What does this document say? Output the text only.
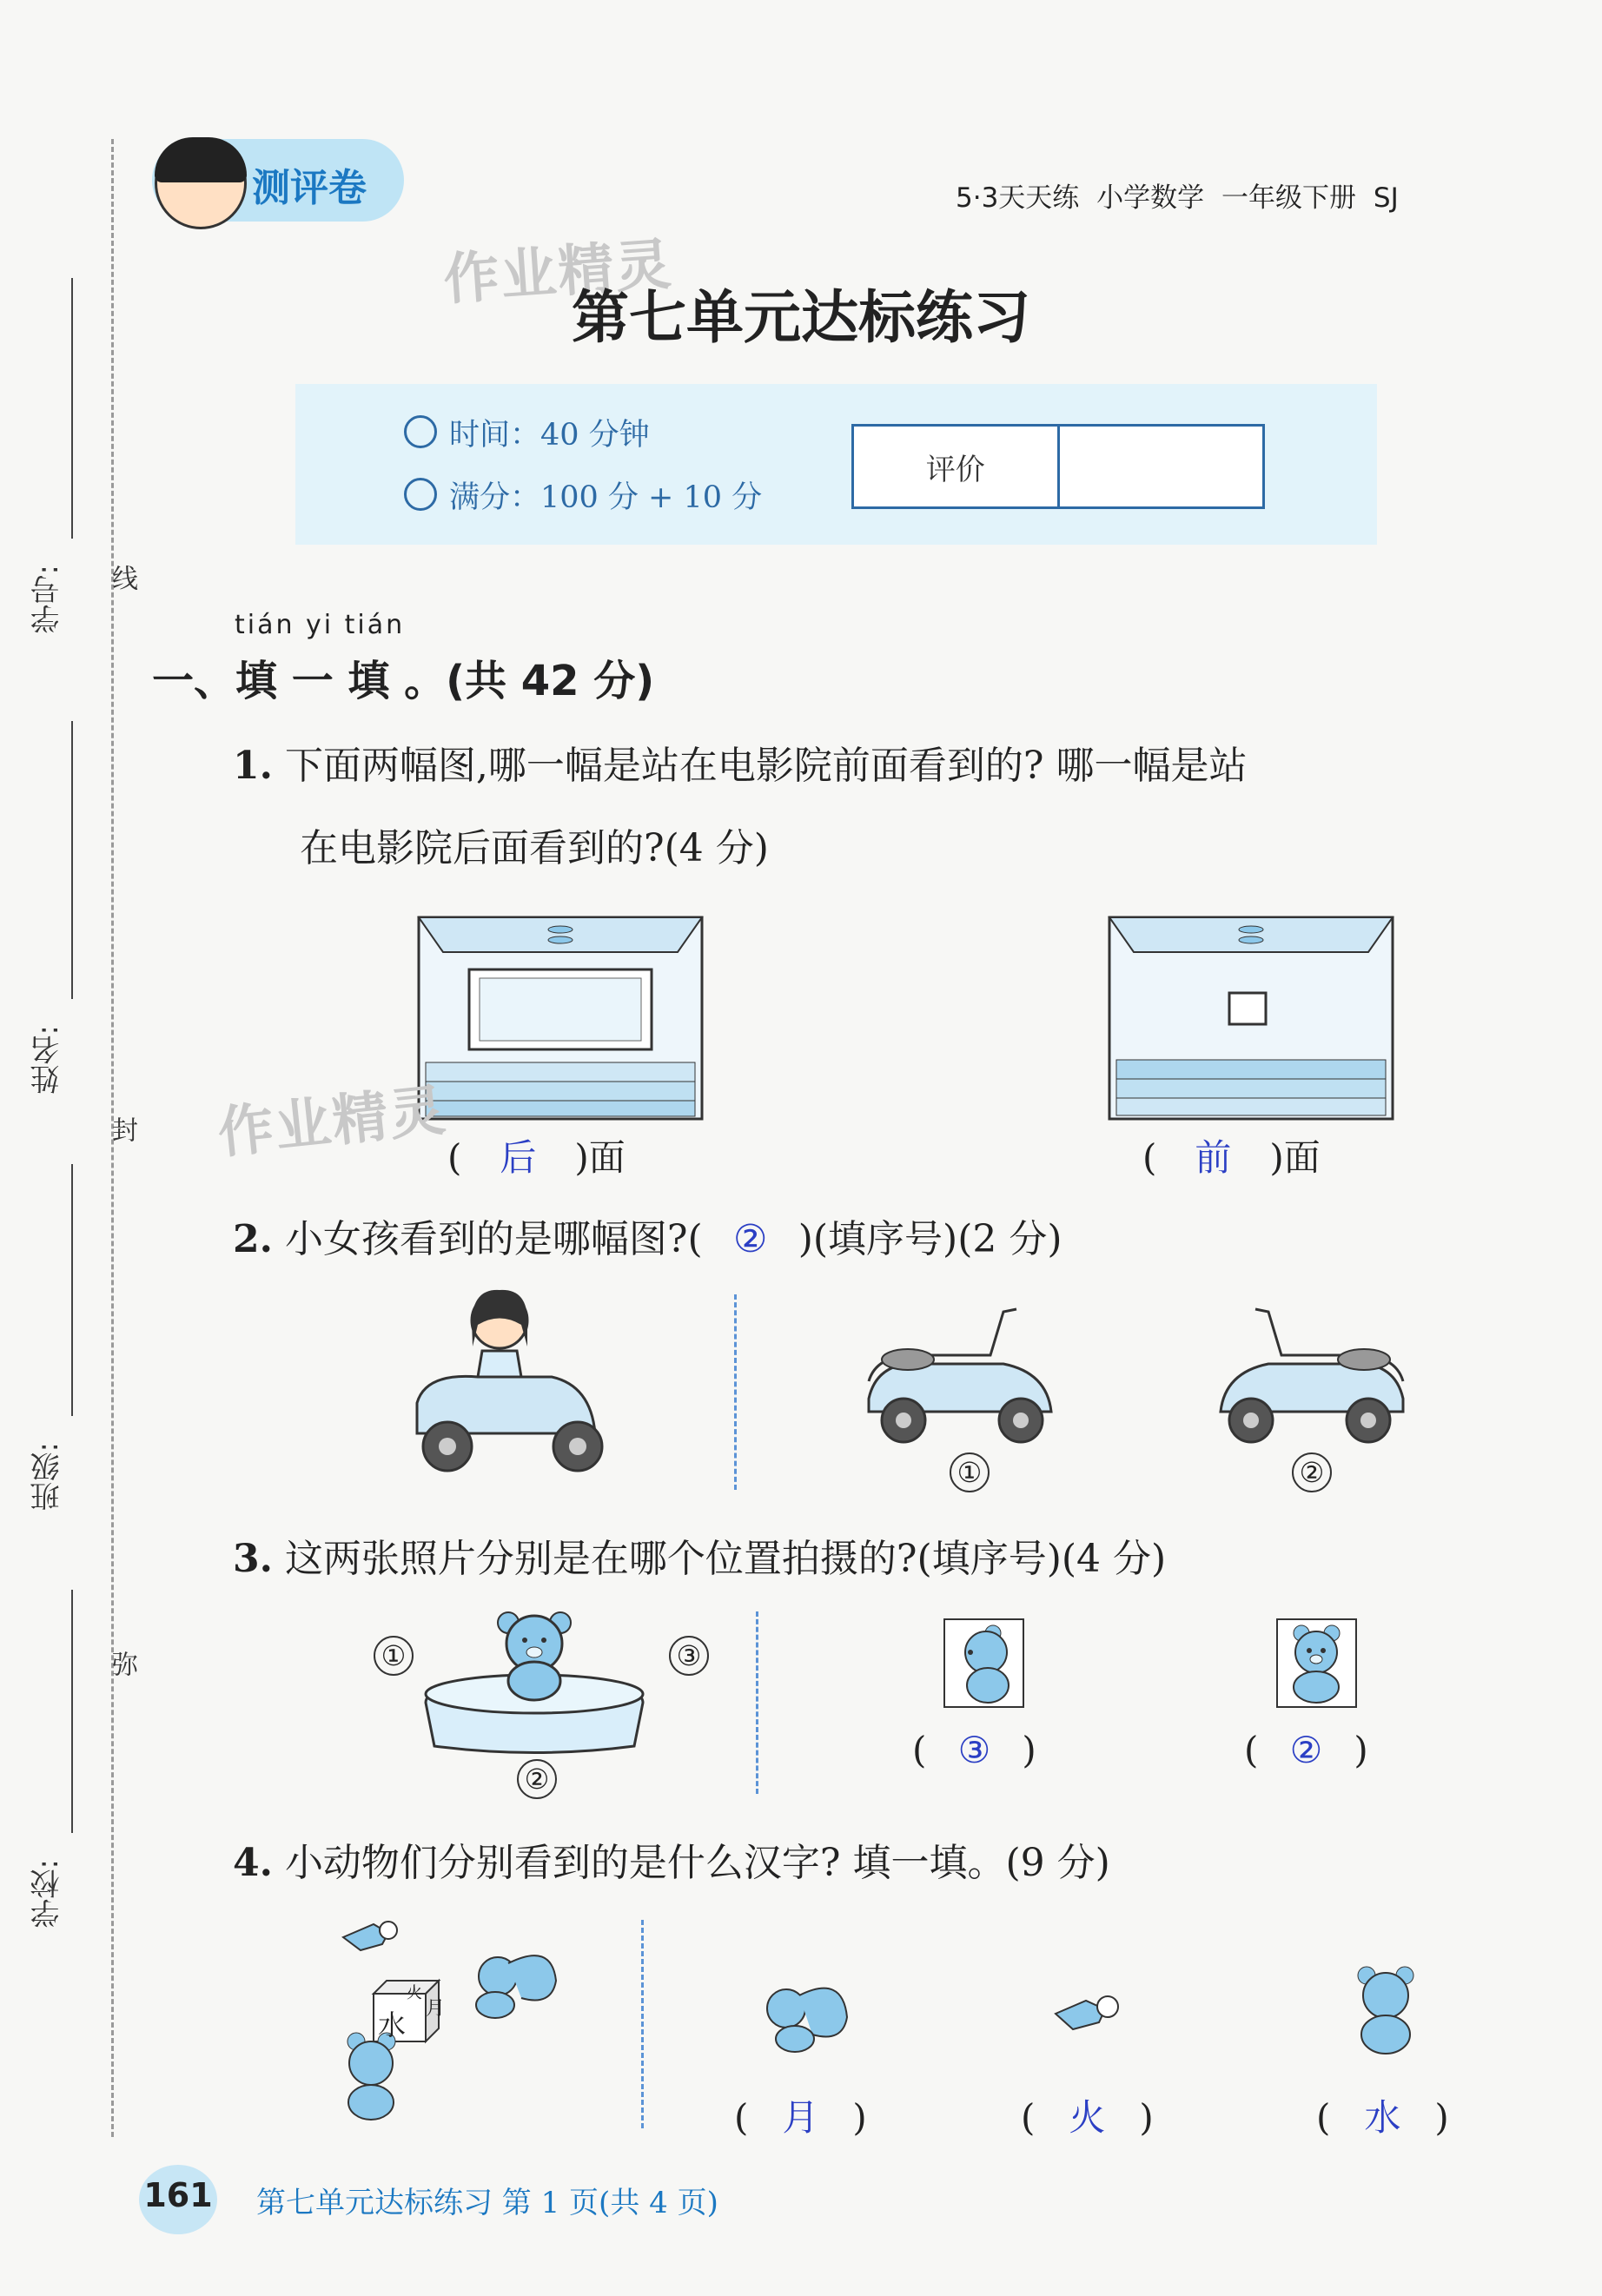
学号: 线
姓名:
封
班级:
弥
学校:
测评卷	5·3天天练 小学数学 一年级下册 SJ
作业精灵
第七单元达标练习
时间：40 分钟
满分：100 分 + 10 分
评价
tián yi tián
一、填 一 填 。(共 42 分)
1. 下面两幅图,哪一幅是站在电影院前面看到的? 哪一幅是站
在电影院后面看到的?(4 分)
( 后 )面	( 前 )面
作业精灵
2. 小女孩看到的是哪幅图?( ② )(填序号)(2 分)
①	②
3. 这两张照片分别是在哪个位置拍摄的?(填序号)(4 分)
①
②
③
( ③ )	( ② )
4. 小动物们分别看到的是什么汉字? 填一填。(9 分)
水 月
火
( 月 )	( 火 )	( 水 )
161 第七单元达标练习 第 1 页(共 4 页)
